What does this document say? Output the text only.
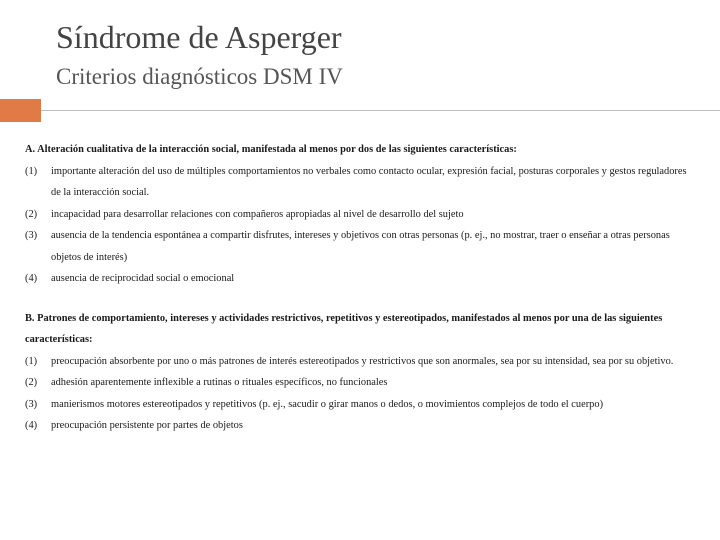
Síndrome de Asperger
Criterios diagnósticos DSM IV
A. Alteración cualitativa de la interacción social, manifestada al menos por dos de las siguientes características:
(1)	importante alteración del uso de múltiples comportamientos no verbales como contacto ocular, expresión facial, posturas corporales y gestos reguladores de la interacción social.
(2)	incapacidad para desarrollar relaciones con compañeros apropiadas al nivel de desarrollo del sujeto
(3)	ausencia de la tendencia espontánea a compartir disfrutes, intereses y objetivos con otras personas (p. ej., no mostrar, traer o enseñar a otras personas objetos de interés)
(4)	ausencia de reciprocidad social o emocional
B. Patrones de comportamiento, intereses y actividades restrictivos, repetitivos y estereotipados, manifestados al menos por una de las siguientes características:
(1)	preocupación absorbente por uno o más patrones de interés estereotipados y restrictivos que son anormales, sea por su intensidad, sea por su objetivo.
(2)	adhesión aparentemente inflexible a rutinas o rituales específicos, no funcionales
(3)	manierismos motores estereotipados y repetitivos (p. ej., sacudir o girar manos o dedos, o movimientos complejos de todo el cuerpo)
(4)	preocupación persistente por partes de objetos
